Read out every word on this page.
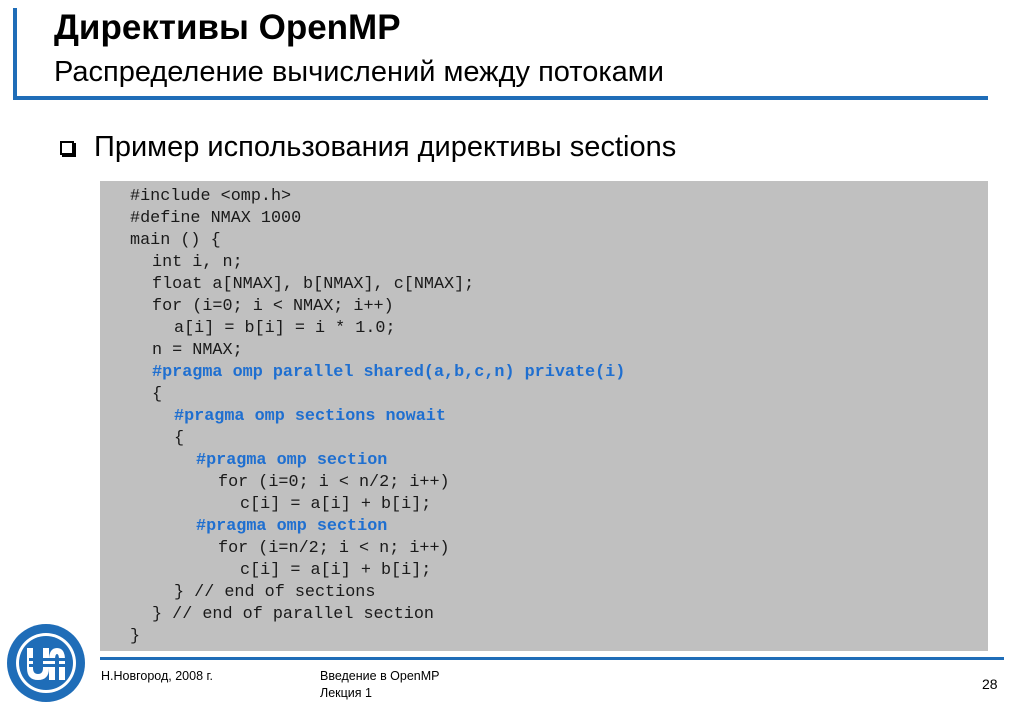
Директивы OpenMP
Распределение вычислений между потоками
Пример использования директивы sections
#include <omp.h>
#define NMAX 1000
main () {
int i, n;
float a[NMAX], b[NMAX], c[NMAX];
for (i=0; i < NMAX; i++)
a[i] = b[i] = i * 1.0;
n = NMAX;
#pragma omp parallel shared(a,b,c,n) private(i)
{
#pragma omp sections nowait
{
#pragma omp section
for (i=0; i < n/2; i++)
c[i] = a[i] + b[i];
#pragma omp section
for (i=n/2; i < n; i++)
c[i] = a[i] + b[i];
} // end of sections
} // end of parallel section
}
Н.Новгород, 2008 г.	Введение в OpenMP
Лекция 1
28
